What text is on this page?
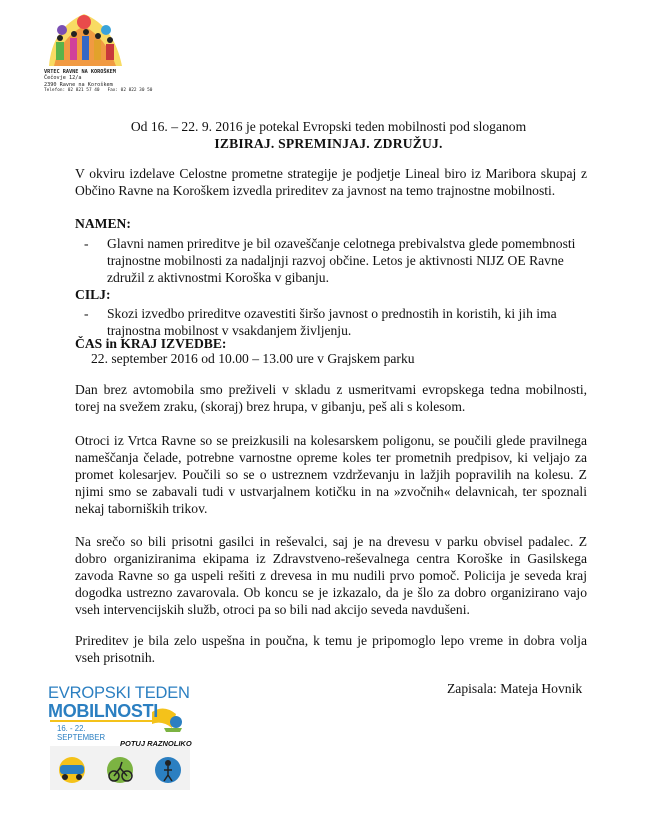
VRTEC RAVNE NA KOROŠKEM
Čečovje 12/a
2390 Ravne na Koroškem
Telefon: 02 821 57 40 Fax: 02 822 30 50
Od 16. – 22. 9. 2016 je potekal Evropski teden mobilnosti pod sloganom
IZBIRAJ. SPREMINJAJ. ZDRUŽUJ.
V okviru izdelave Celostne prometne strategije je podjetje Lineal biro iz Maribora skupaj z Občino Ravne na Koroškem izvedla prireditev za javnost na temo trajnostne mobilnosti.
NAMEN:
-	Glavni namen prireditve je bil ozaveščanje celotnega prebivalstva glede pomembnosti trajnostne mobilnosti za nadaljnji razvoj občine. Letos je aktivnosti NIJZ OE Ravne združil z aktivnostmi Koroška v gibanju.
CILJ:
-	Skozi izvedbo prireditve ozavestiti širšo javnost o prednostih in koristih, ki jih ima trajnostna mobilnost v vsakdanjem življenju.
ČAS in KRAJ IZVEDBE:
22. september 2016 od 10.00 – 13.00 ure v Grajskem parku
Dan brez avtomobila smo preživeli v skladu z usmeritvami evropskega tedna mobilnosti, torej na svežem zraku, (skoraj) brez hrupa, v gibanju, peš ali s kolesom.
Otroci iz Vrtca Ravne so se preizkusili na kolesarskem poligonu, se poučili glede pravilnega nameščanja čelade, potrebne varnostne opreme koles ter prometnih predpisov, ki veljajo za promet kolesarjev. Poučili so se o ustreznem vzdrževanju in lažjih popravilih na kolesu. Z njimi smo se zabavali tudi v ustvarjalnem kotičku in na »zvočnih« delavnicah, ter spoznali nekaj taborniških trikov.
Na srečo so bili prisotni gasilci in reševalci, saj je na drevesu v parku obvisel padalec. Z dobro organiziranima ekipama iz Zdravstveno-reševalnega centra Koroške in Gasilskega zavoda Ravne so ga uspeli rešiti z drevesa in mu nudili prvo pomoč. Policija je seveda kraj dogodka ustrezno zavarovala. Ob koncu se je izkazalo, da je šlo za dobro organizirano vajo vseh intervencijskih služb, otroci pa so bili nad akcijo seveda navdušeni.
Prireditev je bila zelo uspešna in poučna, k temu je pripomoglo lepo vreme in dobra volja vseh prisotnih.
Zapisala: Mateja Hovnik
EVROPSKI TEDEN
MOBILNOSTI
16. - 22.
SEPTEMBER
POTUJ RAZNOLIKO
